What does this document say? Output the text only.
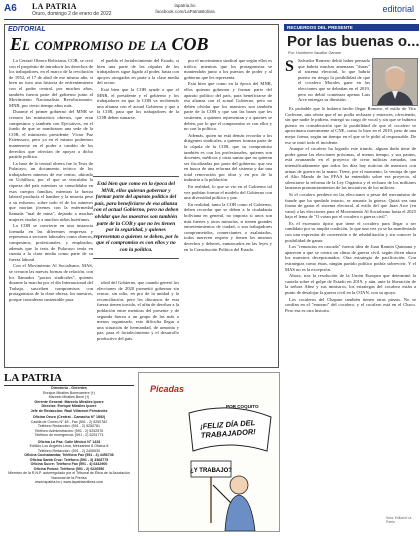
A6 LA PATRIA
Oruro, domingo 2 de enero de 2022
lapatria.bo
facebook.com/LaPatriaBolivia	editorial
EDITORIAL
El compromiso de la COB

La Central Obrera Boliviana, COB, se creó con el propósito de introducir los derechos de los trabajadores, en el marco de la revolución de 1952, el 17 de abril de ese mismo año, si bien no tuvo una historia de enfrentamiento con el poder central, por muchos años, también fueron parte del gobierno junto al Movimiento Nacionalista Revolucionario, MNR, por cierto tiempo años más.

Durante el primer gobierno del MNR se crearon las ministerios obreros, que eran campesinos y también con Ejecutivos, en el fondo de que se nombraron una sede de la COB, el ministerio presidente, Víctor Paz Estenssoro, pero ya en el mismo podremos mantenerse en el poder a cambio de los derechos que ofrecían de apoyar a dicho partido político.

La base de la central obrera fue la Tesis de Pulacayo, un documento teórico de los trabajadores mineros de ese centro, ubicado en Uchillaca, por el que se vinculaba la riqueza del país mientras se consolidaba en esos cuerpos familias, mientras la fuerza laboral producía el hambre y la miseria pese a su esfuerzo, sobre todo el de los mineros que morían jóvenes con la enfermedad llamada "mal de mina", dejando a muchas mujeres viudas y a muchos niños huérfanos.

La COB se convierte en una instancia formada en las diferentes empresas y representa a sectores laborales como obreros, campesinos, profesionales, y empleados, además que la tesis de Pulacayo tenía en cuenta a la clase media como parte de su fuerza laboral.

Con el Movimiento Al Socialismo, MAS, se crearon las nuevas formas de relación, con los llamados "pactos sindicales", quienes durante la marcha por el día Internacional del Trabajo, suscriben compromisos con protagonistas de la clase obrera, los nuestros, porque consideran sustentable para

el pueblo el fortalecimiento del Estado, si bien una parte de las cúpulas de los trabajadores sigue ligado al poder, hasta con apoyos otorgados en parte a la clase media del sector.

Está bien que la COB ayude a que el MNR, el presidente y el gobierno y los trabajadores en que la COB va recibiendo una alianza con el actual Gobierno y que a la COB, para que los trabajadores de la COB deben sumarse.

Está bien que como en la época del MNR, ellos quieran gobernar y formar parte del aparato político del país, para beneficiarse de esa alianza con el actual Gobierno, pero no deben olvidar que los maestros son también parte de la COB y que no les tienen por la seguridad, y quienes representan a quienes se deben, por lo que el compromiso es con ellos y no con la política.

ideal del Gobierno, que cuando generó los elecciones de 2020 prometió gobernar sin rencor, sin odio, en pro de la unidad y la reconciliación, pero los discursos de esta fuerza tienen torcido, el afán de derribar a la población entre mentiras del presente y de segunda fuerza a un grupo de las más o menos organizado, esto dificulta llegar a una situación de hermandad, de armonía y paz, para el fortalecimiento y el desarrollo productivo del país.

por el movimiento sindical que según ellos es tráfico, mientras que los protagonistas se mantendrán junto a los puestos de poder y al gobierno que les representa.

Está bien que como en la época del MNR, ellos quieran gobernar y formar parte del aparato político del país, para beneficiarse de esa alianza con el actual Gobierno, pero no deben olvidar que los maestros son también parte de la COB y que son las bases que les sostienen, a quienes representan y a quienes se deben, por lo que el compromiso es con ellos y no con la política.

Además, quien no está demás recordar a los dirigentes sindicales, a quienes forman parte de la cúpula de la COB, que su compromiso también es con los profesionales, quienes son docentes, médicos y otras ramas que no quieran ser fiscalizadas por parte del gobierno, que sea en busca de una reforma del sistema y dar una total renovación por obra y en pro de la industria a la población.

En realidad, lo que se vio en el Gobierno tal vez podrían formar el modelo del Gobierno con una diversidad política y paz.

En realidad, tanto la COB como el Gobierno, deben recordar que se deben a la ciudadanía boliviana en general, no importa si unos son más fuertes y otros minorías, si tienen grandes entretenimientos de ciudad, o son trabajadores comprometidos, comerciantes o asalariados, todos merecen respeto y tienen los mismos derechos y deberes, enmarcados en las leyes y en la Constitución Política del Estado.

RECUERDOS DEL PRESENTE
Por las buenas o...
Por: Humberto Vacaflor Ganam
S Salvador Romero debió haber pensado que habría muchas amenazas "duras" al sistema electoral, lo que habría puesto en riesgo la posibilidad de que el cocalero Morales gane en las elecciones que se debatían en el 2019, pero no debió comenzar apenas Luis Arce entregar su dimisión.

Es probable que lo hubiera hecho llegar Romero, el estilo de Vito Corleone, una oferta que el no podía rechazar y entonces, ofreciendo, sin que nadie le pidiera, entregó su cargo de vocal y sin que se hubiera puesto en consideración que la posibilidad de que el cocalero se aproximara nuevamente al CNE, como lo hizo en el 2019, pero de una mejor forma, según un tiempo en el que se le pidió al responsable. De eso se trató todo el incidente.

Aunque el cocalero ha logrado este triunfo, alguna duda tiene de poder ganar las elecciones próximas, al menos tiempo, y sus pautas, está avanzando en el proyecto de crear milicias armadas, tan intensificadamente que todos los días hay noticias de maestros con armas de guerra en la mano. Tiene, por el momento, la ventaja de que el Alto Mando de las FFAA ha entendido sobre ese proyecto, al silenciarse la reforma de la Ley Orgánica y el rechazo de los militares lanzaron pronunciamientos de las iniciativas de los milicias.

Si el cocalero perdiera en las elecciones a pesar del mecanismo de fraude que ha quedado intacto, se armaría la guerra. Quizá sea una forma de ganar el sistema electoral, al estilo del que Juan Arce (en vano) a las elecciones para el Movimiento Al Socialismo hasta el 2025 bajo el lema de "O votan por el cocalero o guerra civil".

Es el escenario típico que tiene el cocalero para llegar a ser candidato por su amplia coalición, lo que una vez ya se ha manifestado con una expresión de conversión o de rehabilitación y sin conocer la posibilidad de ganar.

Los "renuncias en cascada" fueron idea de Juan Ramón Quintana y aparecen a que se creara un clima de guerra civil, según dicen ahora los maestros decepcionados. Otra estrategia de pacificación. Con estrategias como éstas, ningún partido político podría sobrevivir. Y el MAS no es la excepción.

Ahora, tras la resolución de la Unión Europea que determinó la cautela sobre el golpe de Estado en 2019, y aún, ante la liberación de la señora Añez y sus ministros, los estrategas del cocalero están a punto de desalojar la guerra civil en la OTAN, con su apoyo.

Los cocaleros del Chapare también tienen otras piezas. No se confían en el "entorno" del cocalero, y el cocalero está en el Chaco. Pero esa es otra historia.

Nota: Editorial La Patria
LA PATRIA
Directorio - Gerentes
Enrique Miralles Bonecarrere (†)
Marcelo Miralles Bové (†)

Gerente General: Marcelo Miralles Iporre
Director: Enrique Miralles Iporre
Jefe de Redacción: Raúl Villarroel Fernández
Oficina Oruro (Central - Camacho N° 1892)
Casilla de Correo N° 48 - Fax (591 - 2) 5250782
Teléfono Redacción: (591 - 2) 5250781
Teléfono Administración: (591 - 2) 5252576
Teléfono de emergencia: (591 - 2) 5251774

Oficina La Paz: Calle México N° 1428
Edificio Los Ángeles Lima, Mezzanine 8 Oficina 8
Teléfono Redacción: (591 - 2) 2406530

Oficina Cochabamba: Teléfono Fax (591 - 4) 4456736
Oficina Santa Cruz: Teléfono (591 - 3) 3368775
Oficina Sucre: Teléfono Fax (591 - 4) 6442900
Oficina Potosí: Teléfono (591 - 2) 6226550
Miembro de la R.N.P. autorregulado por el Tribunal de Ética de la Asociación Nacional de la Prensa
www.lapatria.bo | www.lapatriaenlinea.com
¿Y TRABAJO?
Picadas
POR COQUITO
¡FELIZ DÍA DEL TRABAJADOR!
